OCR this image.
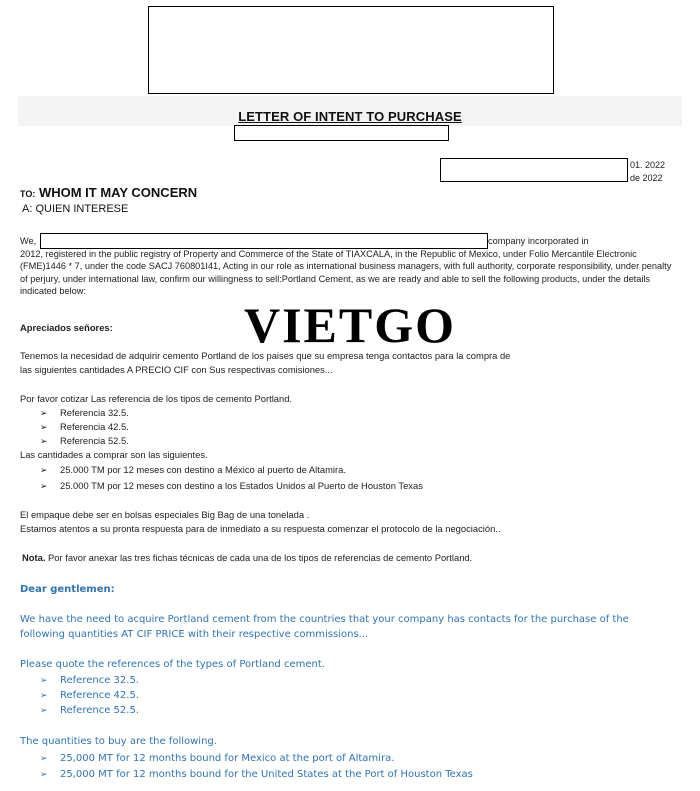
LETTER OF INTENT TO PURCHASE
01. 2022
de 2022
TO: WHOM IT MAY CONCERN
A: QUIEN INTERESE
We,	company incorporated in
2012, registered in the public registry of Property and Commerce of the State of TIAXCALA, in the Republic of Mexico, under Folio Mercantile Electronic (FME)1446 * 7, under the code SACJ 760801I41, Acting in our role as international business managers, with full authority, corporate responsibility, under penalty of perjury, under international law, confirm our willingness to sell:Portland Cement, as we are ready and able to sell the following products, under the details indicated below:
VIETGO
Apreciados señores:
Tenemos la necesidad de adquirir cemento Portland de los paises que su empresa tenga contactos para la compra de
las siguientes cantidades A PRECIO CIF con Sus respectivas comisiones...
Por favor cotizar Las referencia de los tipos de cemento Portland.
➢ Referencia 32.5.
➢ Referencia 42.5.
➢ Referencia 52.5.
Las cantidades a comprar son las siguientes.
➢ 25.000 TM por 12 meses con destino a México al puerto de Altamira.
➢ 25.000 TM por 12 meses con destino a los Estados Unidos al Puerto de Houston Texas
El empaque debe ser en bolsas especiales Big Bag de una tonelada .
Estamos atentos a su pronta respuesta para de inmediato a su respuesta comenzar el protocolo de la negociación..
Nota. Por favor anexar las tres fichas técnicas de cada una de los tipos de referencias de cemento Portland.
Dear gentlemen:
We have the need to acquire Portland cement from the countries that your company has contacts for the purchase of the
following quantities AT CIF PRICE with their respective commissions...
Please quote the references of the types of Portland cement.
➢ Reference 32.5.
➢ Reference 42.5.
➢ Reference 52.5.
The quantities to buy are the following.
➢ 25,000 MT for 12 months bound for Mexico at the port of Altamira.
➢ 25,000 MT for 12 months bound for the United States at the Port of Houston Texas
